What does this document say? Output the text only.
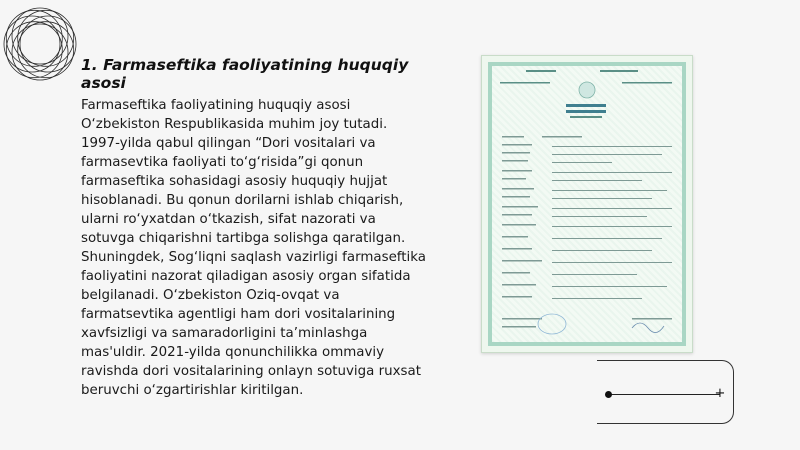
1. Farmaseftika faoliyatining huquqiy asosi

Farmaseftika faoliyatining huquqiy asosi O‘zbekiston Respublikasida muhim joy tutadi. 1997-yilda qabul qilingan “Dori vositalari va farmasevtika faoliyati to‘g‘risida”gi qonun farmaseftika sohasidagi asosiy huquqiy hujjat hisoblanadi. Bu qonun dorilarni ishlab chiqarish, ularni ro‘yxatdan o‘tkazish, sifat nazorati va sotuvga chiqarishni tartibga solishga qaratilgan. Shuningdek, Sog‘liqni saqlash vazirligi farmaseftika faoliyatini nazorat qiladigan asosiy organ sifatida belgilanadi. O‘zbekiston Oziq-ovqat va farmatsevtika agentligi ham dori vositalarining xavfsizligi va samaradorligini ta’minlashga mas'uldir. 2021-yilda qonunchilikka ommaviy ravishda dori vositalarining onlayn sotuviga ruxsat beruvchi o‘zgartirishlar kiritilgan.	+
